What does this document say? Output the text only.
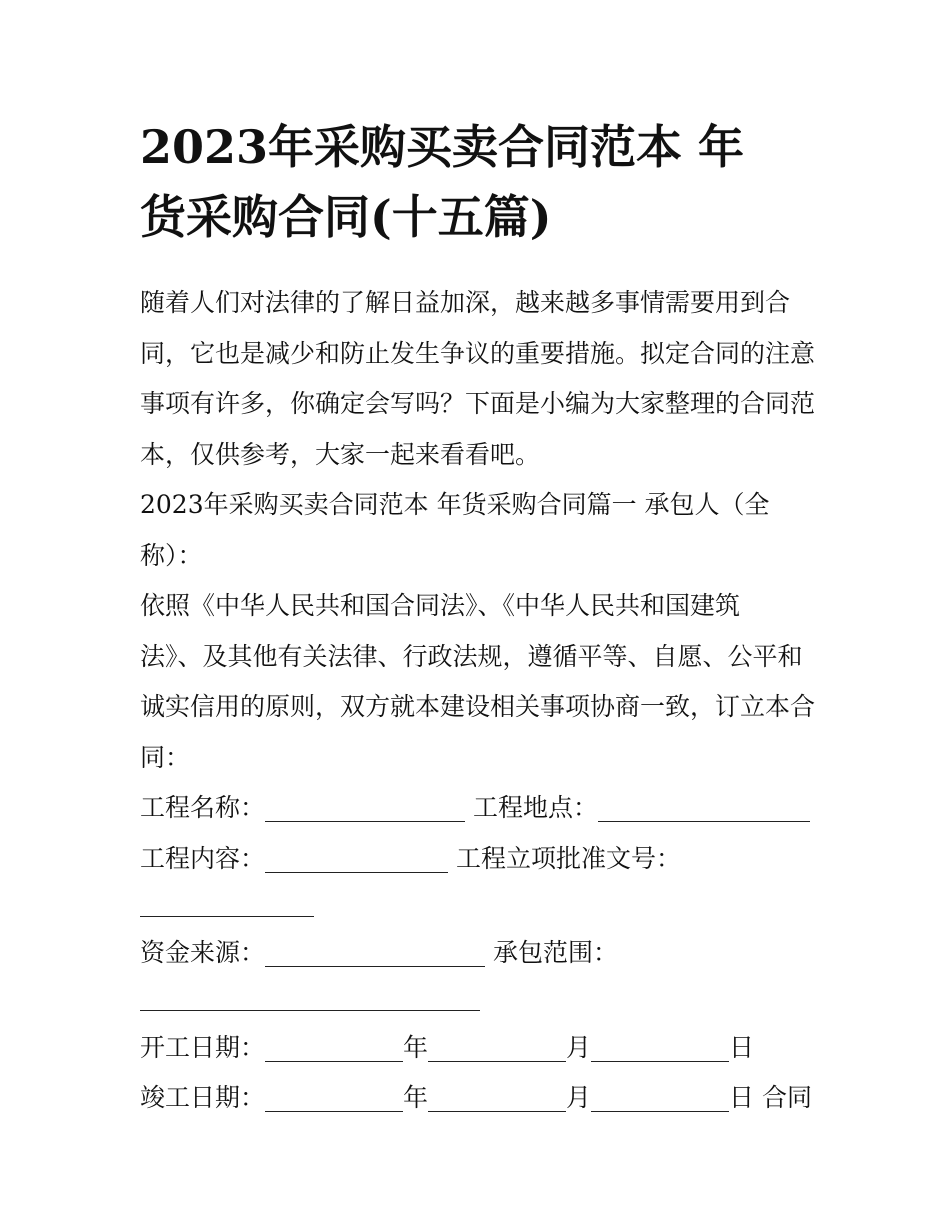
2023年采购买卖合同范本 年
货采购合同(十五篇)
随着人们对法律的了解日益加深，越来越多事情需要用到合
同，它也是减少和防止发生争议的重要措施。拟定合同的注意
事项有许多，你确定会写吗？下面是小编为大家整理的合同范
本，仅供参考，大家一起来看看吧。
2023年采购买卖合同范本 年货采购合同篇一 承包人（全
称）：
依照《中华人民共和国合同法》、《中华人民共和国建筑
法》、及其他有关法律、行政法规，遵循平等、自愿、公平和
诚实信用的原则，双方就本建设相关事项协商一致，订立本合
同：
工程名称：	工程地点：
工程内容：	工程立项批准文号：
资金来源：	承包范围：
开工日期：	年	月	日
竣工日期：	年	月	日 合同
